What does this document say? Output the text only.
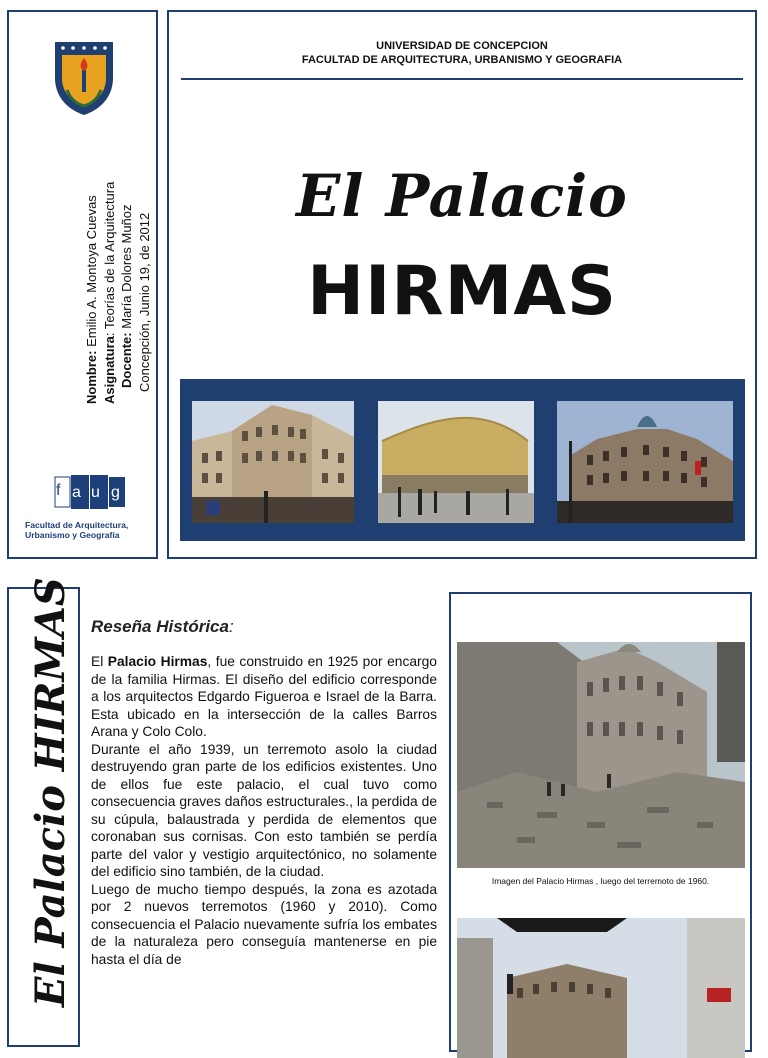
Nombre: Emilio A. Montoya Cuevas
Asignatura: Teorías de la Arquitectura
Docente: María Dolores Muñoz Concepción, Junio 19, de 2012
f a u g
Facultad de Arquitectura,
Urbanismo y Geografía
UNIVERSIDAD DE CONCEPCION
FACULTAD DE ARQUITECTURA, URBANISMO Y GEOGRAFIA
El Palacio
HIRMAS
El Palacio HIRMAS Reseña Histórica:

El Palacio Hirmas, fue construido en 1925 por encargo de la familia Hirmas. El diseño del edificio corresponde a los arquitectos Edgardo Figueroa e Israel de la Barra. Esta ubicado en la intersección de la calles Barros Arana y Colo Colo.

Durante el año 1939, un terremoto asolo la ciudad destruyendo gran parte de los edificios existentes. Uno de ellos fue este palacio, el cual tuvo como consecuencia graves daños estructurales., la perdida de su cúpula, balaustrada y perdida de elementos que coronaban sus cornisas. Con esto también se perdía parte del valor y vestigio arquitectónico, no solamente del edificio sino también, de la ciudad.

Luego de mucho tiempo después, la zona es azotada por 2 nuevos terremotos (1960 y 2010). Como consecuencia el Palacio nuevamente sufría los embates de la naturaleza pero conseguía mantenerse en pie hasta el día de

Imagen del Palacio Hirmas , luego del terremoto de 1960.
